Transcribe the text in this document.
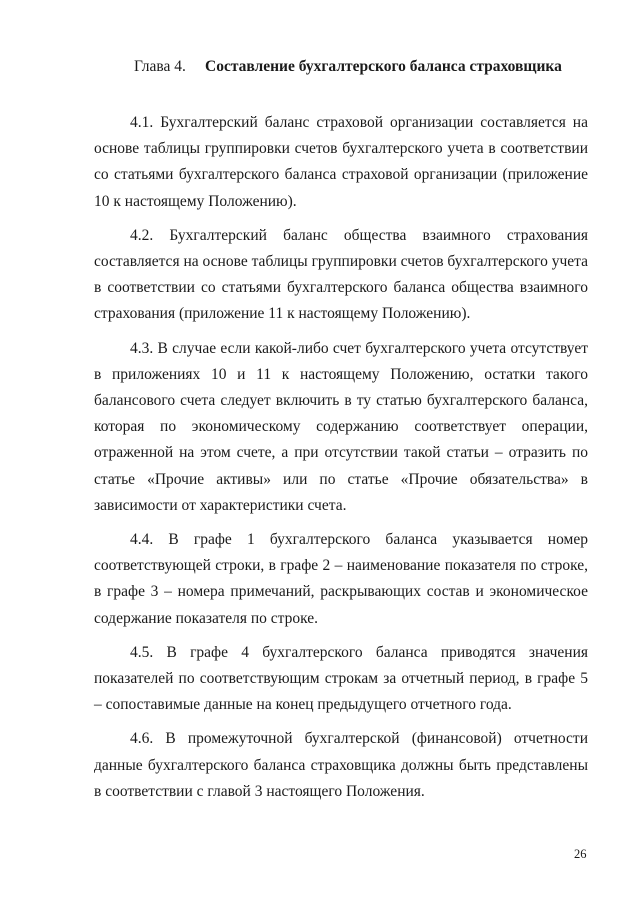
Глава 4.	Составление бухгалтерского баланса страховщика

4.1. Бухгалтерский баланс страховой организации составляется на основе таблицы группировки счетов бухгалтерского учета в соответствии со статьями бухгалтерского баланса страховой организации (приложение 10 к настоящему Положению).

4.2. Бухгалтерский баланс общества взаимного страхования составляется на основе таблицы группировки счетов бухгалтерского учета в соответствии со статьями бухгалтерского баланса общества взаимного страхования (приложение 11 к настоящему Положению).

4.3. В случае если какой-либо счет бухгалтерского учета отсутствует в приложениях 10 и 11 к настоящему Положению, остатки такого балансового счета следует включить в ту статью бухгалтерского баланса, которая по экономическому содержанию соответствует операции, отраженной на этом счете, а при отсутствии такой статьи – отразить по статье «Прочие активы» или по статье «Прочие обязательства» в зависимости от характеристики счета.

4.4. В графе 1 бухгалтерского баланса указывается номер соответствующей строки, в графе 2 – наименование показателя по строке, в графе 3 – номера примечаний, раскрывающих состав и экономическое содержание показателя по строке.

4.5. В графе 4 бухгалтерского баланса приводятся значения показателей по соответствующим строкам за отчетный период, в графе 5 – сопоставимые данные на конец предыдущего отчетного года.

4.6. В промежуточной бухгалтерской (финансовой) отчетности данные бухгалтерского баланса страховщика должны быть представлены в соответствии с главой 3 настоящего Положения.

26
